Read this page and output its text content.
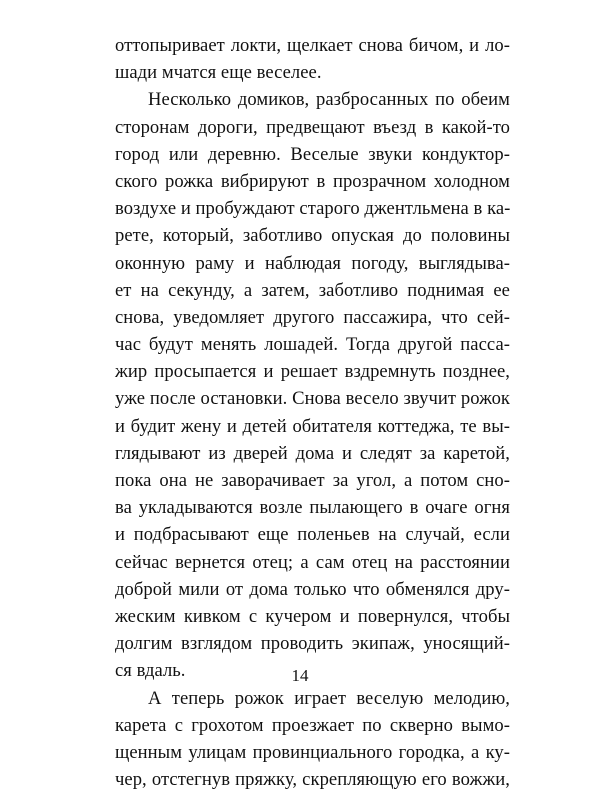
оттопыривает локти, щелкает снова бичом, и ло-
шади мчатся еще веселее.
Несколько домиков, разбросанных по обеим
сторонам дороги, предвещают въезд в какой-то
город или деревню. Веселые звуки кондуктор-
ского рожка вибрируют в прозрачном холодном
воздухе и пробуждают старого джентльмена в ка-
рете, который, заботливо опуская до половины
оконную раму и наблюдая погоду, выглядыва-
ет на секунду, а затем, заботливо поднимая ее
снова, уведомляет другого пассажира, что сей-
час будут менять лошадей. Тогда другой пасса-
жир просыпается и решает вздремнуть позднее,
уже после остановки. Снова весело звучит рожок
и будит жену и детей обитателя коттеджа, те вы-
глядывают из дверей дома и следят за каретой,
пока она не заворачивает за угол, а потом сно-
ва укладываются возле пылающего в очаге огня
и подбрасывают еще поленьев на случай, если
сейчас вернется отец; а сам отец на расстоянии
доброй мили от дома только что обменялся дру-
жеским кивком с кучером и повернулся, чтобы
долгим взглядом проводить экипаж, уносящий-
ся вдаль.
А теперь рожок играет веселую мелодию,
карета с грохотом проезжает по скверно вымо-
щенным улицам провинциального городка, а ку-
чер, отстегнув пряжку, скрепляющую его вожжи,
14
